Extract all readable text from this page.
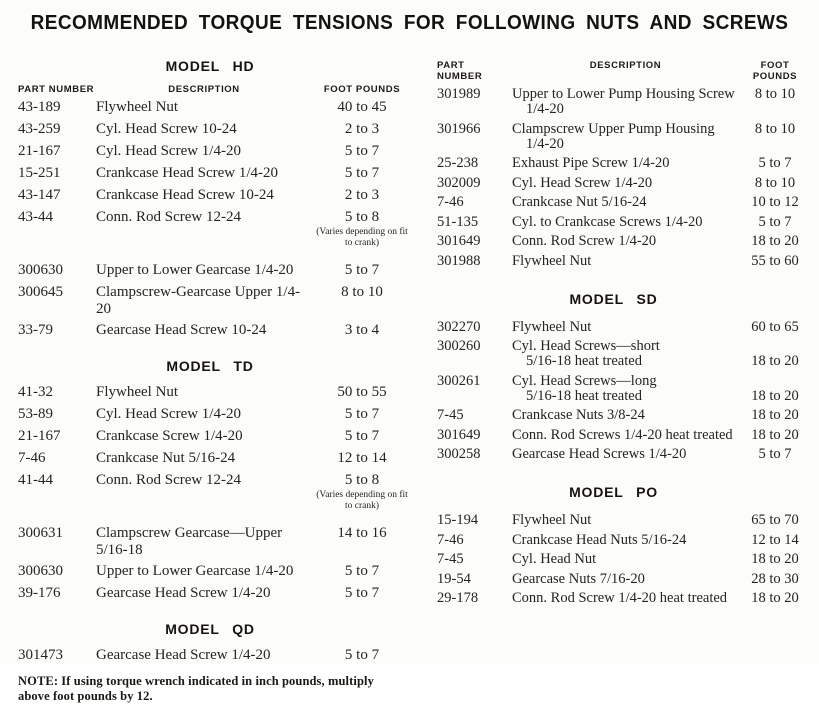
RECOMMENDED TORQUE TENSIONS FOR FOLLOWING NUTS AND SCREWS
MODEL HD
PART NUMBER	DESCRIPTION	FOOT POUNDS
43-189	Flywheel Nut	40 to 45
43-259	Cyl. Head Screw 10-24	2 to 3
21-167	Cyl. Head Screw 1/4-20	5 to 7
15-251	Crankcase Head Screw 1/4-20	5 to 7
43-147	Crankcase Head Screw 10-24	2 to 3
43-44	Conn. Rod Screw 12-24	5 to 8
(Varies depending on fit to crank)
300630	Upper to Lower Gearcase 1/4-20	5 to 7
300645	Clampscrew-Gearcase Upper 1/4-20
8 to 10
33-79	Gearcase Head Screw 10-24	3 to 4
MODEL TD
41-32	Flywheel Nut	50 to 55
53-89	Cyl. Head Screw 1/4-20	5 to 7
21-167	Crankcase Screw 1/4-20	5 to 7
7-46	Crankcase Nut 5/16-24	12 to 14
41-44	Conn. Rod Screw 12-24	5 to 8
(Varies depending on fit to crank)
300631	Clampscrew Gearcase—Upper 5/16-18
14 to 16
300630	Upper to Lower Gearcase 1/4-20	5 to 7
39-176	Gearcase Head Screw 1/4-20	5 to 7
MODEL QD
301473	Gearcase Head Screw 1/4-20	5 to 7
NOTE: If using torque wrench indicated in inch pounds, multiply above foot pounds by 12.
PART NUMBER
DESCRIPTION	FOOT POUNDS
301989	Upper to Lower Pump Housing Screw
1/4-20
8 to 10
301966	Clampscrew Upper Pump Housing
1/4-20
8 to 10
25-238	Exhaust Pipe Screw 1/4-20	5 to 7
302009	Cyl. Head Screw 1/4-20	8 to 10
7-46	Crankcase Nut 5/16-24	10 to 12
51-135	Cyl. to Crankcase Screws 1/4-20	5 to 7
301649	Conn. Rod Screw 1/4-20	18 to 20
301988	Flywheel Nut	55 to 60
MODEL SD
302270	Flywheel Nut	60 to 65
300260	Cyl. Head Screws—short
5/16-18 heat treated	18 to 20
300261	Cyl. Head Screws—long
5/16-18 heat treated	18 to 20
7-45	Crankcase Nuts 3/8-24	18 to 20
301649	Conn. Rod Screws 1/4-20 heat treated	18 to 20
300258	Gearcase Head Screws 1/4-20	5 to 7
MODEL PO
15-194	Flywheel Nut	65 to 70
7-46	Crankcase Head Nuts 5/16-24	12 to 14
7-45	Cyl. Head Nut	18 to 20
19-54	Gearcase Nuts 7/16-20	28 to 30
29-178	Conn. Rod Screw 1/4-20 heat treated	18 to 20
